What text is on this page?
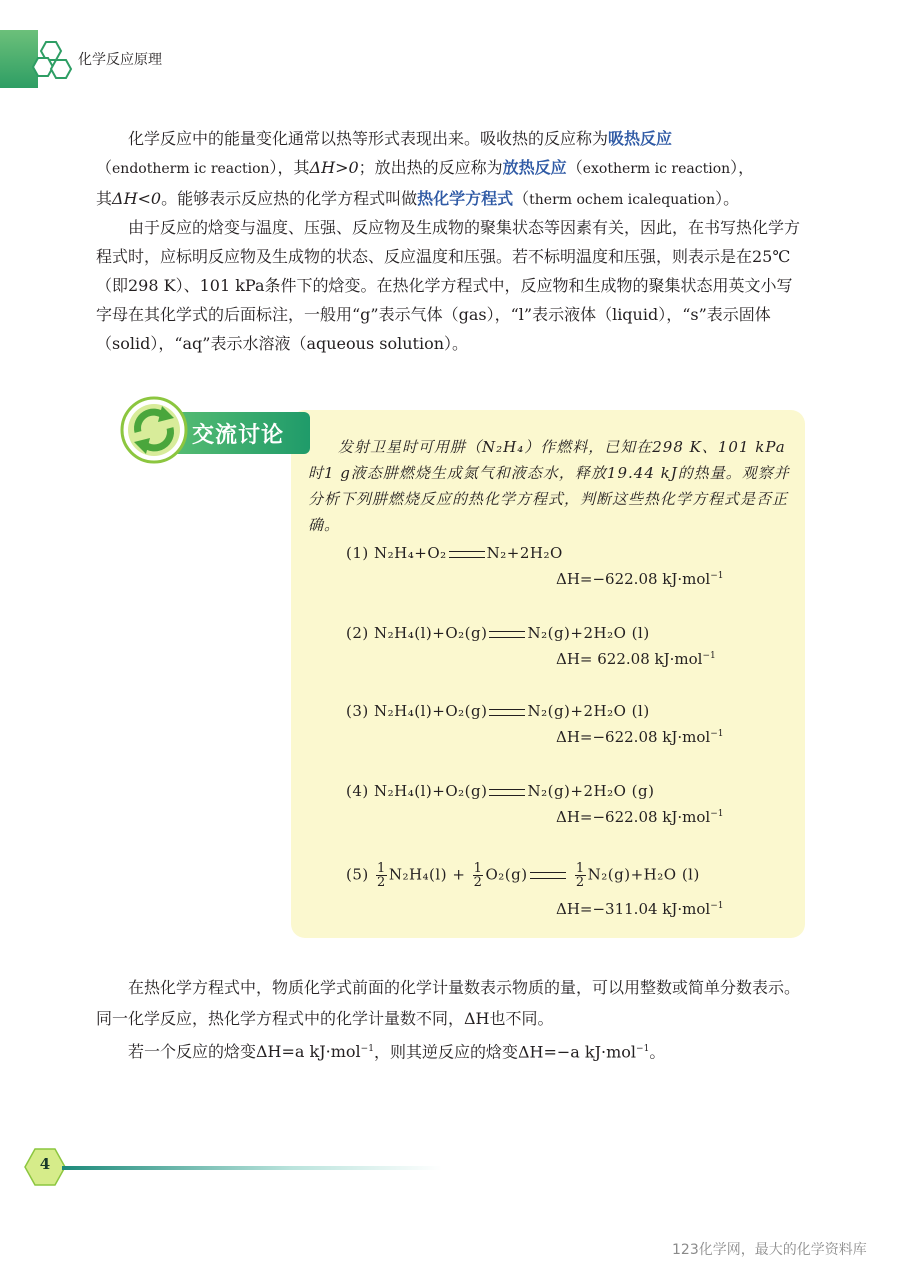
化学反应原理

化学反应中的能量变化通常以热等形式表现出来。吸收热的反应称为吸热反应
（endotherm ic reaction），其ΔH>0；放出热的反应称为放热反应（exotherm ic reaction），
其ΔH<0。能够表示反应热的化学方程式叫做热化学方程式（therm ochem icalequation）。

由于反应的焓变与温度、压强、反应物及生成物的聚集状态等因素有关，因此，在书写热化学方程式时，应标明反应物及生成物的状态、反应温度和压强。若不标明温度和压强，则表示是在25℃（即298 K）、101 kPa条件下的焓变。在热化学方程式中，反应物和生成物的聚集状态用英文小写字母在其化学式的后面标注，一般用“g”表示气体（gas），“l”表示液体（liquid），“s”表示固体（solid），“aq”表示水溶液（aqueous solution）。

交流讨论	发射卫星时可用肼（N₂H₄）作燃料，已知在298 K、101 kPa时1 g液态肼燃烧生成氮气和液态水，释放19.44 kJ的热量。观察并分析下列肼燃烧反应的热化学方程式，判断这些热化学方程式是否正确。

(1) N₂H₄+O₂	N₂+2H₂O
ΔH=−622.08 kJ·mol$^{-1}$
(2) N₂H₄(l)+O₂(g)	N₂(g)+2H₂O (l)
ΔH= 622.08 kJ·mol$^{-1}$
(3) N₂H₄(l)+O₂(g)	N₂(g)+2H₂O (l)
ΔH=−622.08 kJ·mol$^{-1}$
(4) N₂H₄(l)+O₂(g)	N₂(g)+2H₂O (g)
ΔH=−622.08 kJ·mol$^{-1}$
$(5) \frac{1}{2} N_2H_4(l) + \frac{1}{2} O_2(g)$	$\frac{1}{2} N_2(g)+H_2O$ (l)
ΔH=−311.04 kJ·mol$^{-1}$

在热化学方程式中，物质化学式前面的化学计量数表示物质的量，可以用整数或简单分数表示。同一化学反应，热化学方程式中的化学计量数不同，ΔH也不同。

若一个反应的焓变ΔH=a kJ·mol$^{-1}$，则其逆反应的焓变ΔH=−a kJ·mol$^{-1}$。

4
123化学网，最大的化学资料库
